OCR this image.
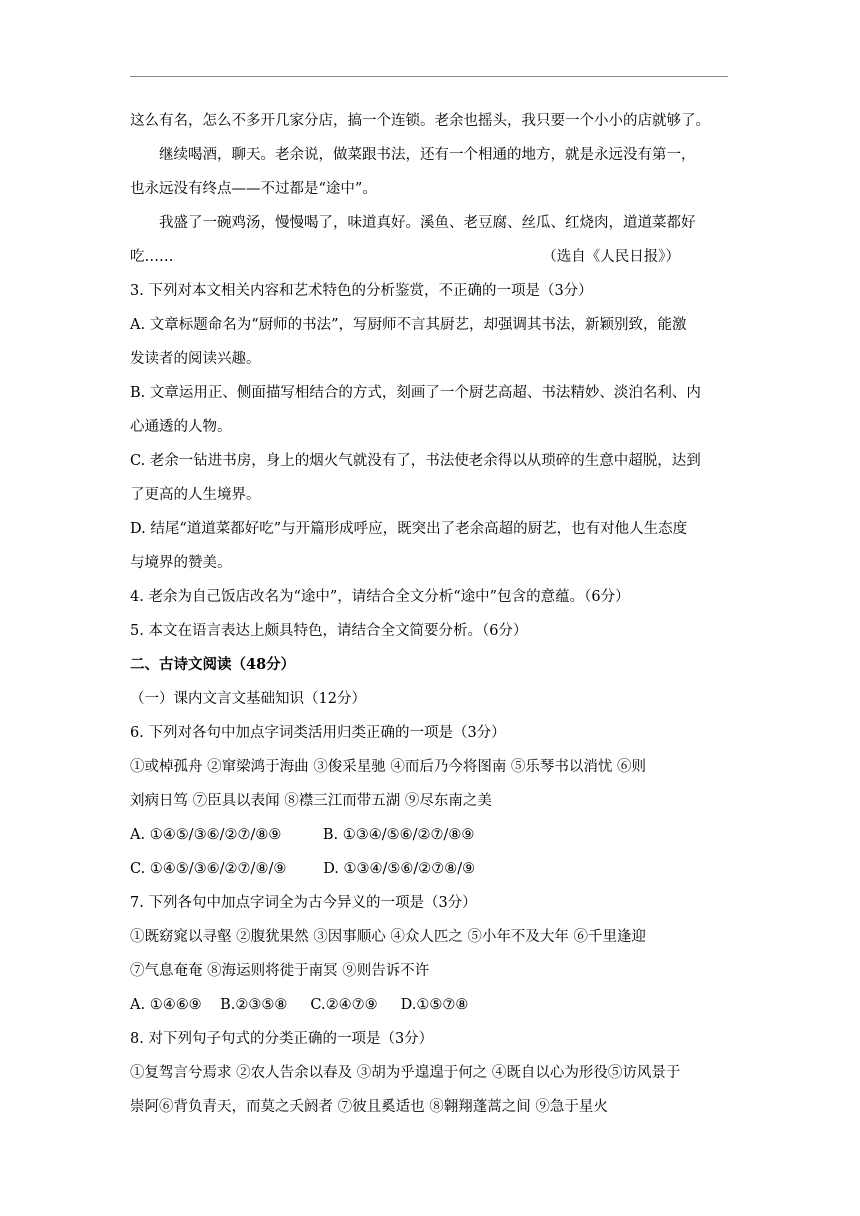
这么有名，怎么不多开几家分店，搞一个连锁。老余也摇头，我只要一个小小的店就够了。
继续喝酒，聊天。老余说，做菜跟书法，还有一个相通的地方，就是永远没有第一，
也永远没有终点——不过都是“途中”。
我盛了一碗鸡汤，慢慢喝了，味道真好。溪鱼、老豆腐、丝瓜、红烧肉，道道菜都好
吃……	（选自《人民日报》）
3. 下列对本文相关内容和艺术特色的分析鉴赏，不正确的一项是（3分）
A. 文章标题命名为“厨师的书法”，写厨师不言其厨艺，却强调其书法，新颖别致，能激
发读者的阅读兴趣。
B. 文章运用正、侧面描写相结合的方式，刻画了一个厨艺高超、书法精妙、淡泊名利、内
心通透的人物。
C. 老余一钻进书房，身上的烟火气就没有了，书法使老余得以从琐碎的生意中超脱，达到
了更高的人生境界。
D. 结尾“道道菜都好吃”与开篇形成呼应，既突出了老余高超的厨艺，也有对他人生态度
与境界的赞美。
4. 老余为自己饭店改名为“途中”，请结合全文分析“途中”包含的意蕴。（6分）
5. 本文在语言表达上颇具特色，请结合全文简要分析。（6分）
二、古诗文阅读（48分）
（一）课内文言文基础知识（12分）
6. 下列对各句中加点字词类活用归类正确的一项是（3分）
①或棹孤舟 ②窜梁鸿于海曲 ③俊采星驰 ④而后乃今将图南 ⑤乐琴书以消忧 ⑥则
刘病日笃 ⑦臣具以表闻 ⑧襟三江而带五湖 ⑨尽东南之美
A. ①④⑤/③⑥/②⑦/⑧⑨         B. ①③④/⑤⑥/②⑦/⑧⑨
C. ①④⑤/③⑥/②⑦/⑧/⑨        D. ①③④/⑤⑥/②⑦⑧/⑨
7. 下列各句中加点字词全为古今异义的一项是（3分）
①既窈窕以寻壑 ②腹犹果然 ③因事顺心 ④众人匹之 ⑤小年不及大年 ⑥千里逢迎
⑦气息奄奄 ⑧海运则将徙于南冥 ⑨则告诉不许
A. ①④⑥⑨    B.②③⑤⑧     C.②④⑦⑨     D.①⑤⑦⑧
8. 对下列句子句式的分类正确的一项是（3分）
①复驾言兮焉求 ②农人告余以春及 ③胡为乎遑遑于何之 ④既自以心为形役⑤访风景于
崇阿⑥背负青天，而莫之夭阏者 ⑦彼且奚适也 ⑧翱翔蓬蒿之间 ⑨急于星火
